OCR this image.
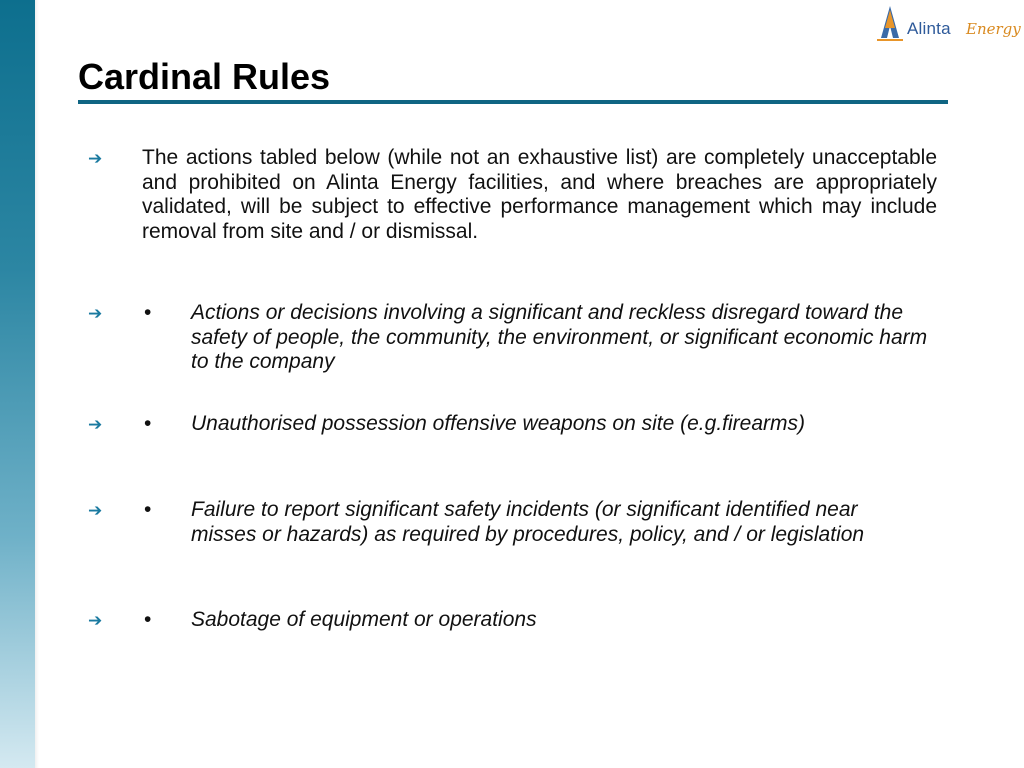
Alinta Energy
Cardinal Rules
➔ The actions tabled below (while not an exhaustive list) are completely unacceptable and prohibited on Alinta Energy facilities, and where breaches are appropriately validated, will be subject to effective performance management which may include removal from site and / or dismissal.

➔ • Actions or decisions involving a significant and reckless disregard toward the safety of people, the community, the environment, or significant economic harm to the company

➔ • Unauthorised possession offensive weapons on site (e.g.firearms)

➔ • Failure to report significant safety incidents (or significant identified near misses or hazards) as required by procedures, policy, and / or legislation

➔ • Sabotage of equipment or operations
